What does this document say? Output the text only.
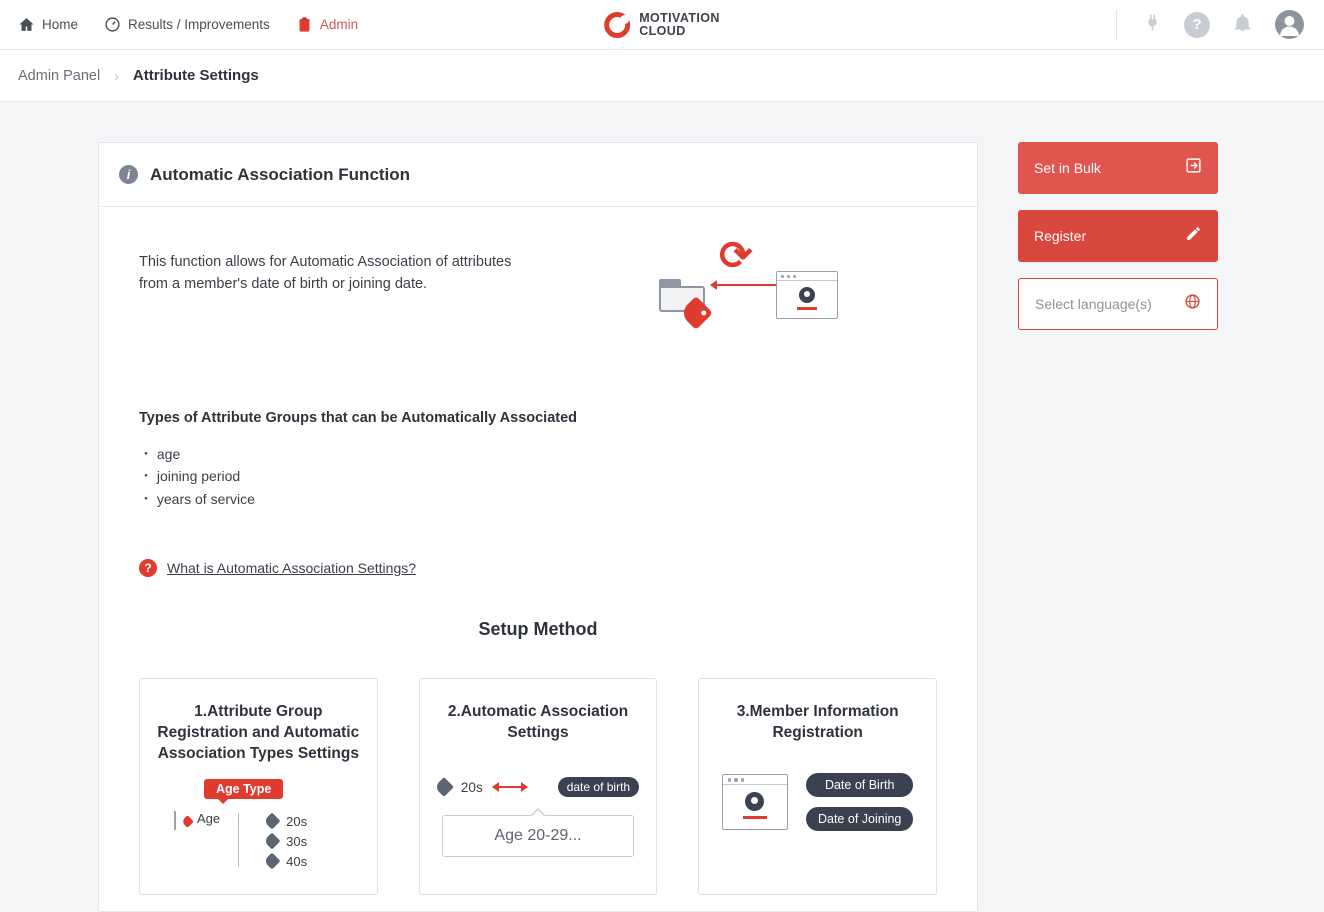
Home	Results / Improvements	Admin	MOTIVATION
CLOUD	?
Admin Panel › Attribute Settings
i	Automatic Association Function
This function allows for Automatic Association of attributes from a member's date of birth or joining date.
⟳
Types of Attribute Groups that can be Automatically Associated
・ age
・ joining period
・ years of service
?	What is Automatic Association Settings?
Setup Method
1.Attribute Group Registration and Automatic Association Types Settings
Age Type
Age	20s
30s
40s
2.Automatic Association Settings
20s	date of birth
Age 20-29...
3.Member Information Registration
Date of Birth
Date of Joining
Set in Bulk
Register
Select language(s)
